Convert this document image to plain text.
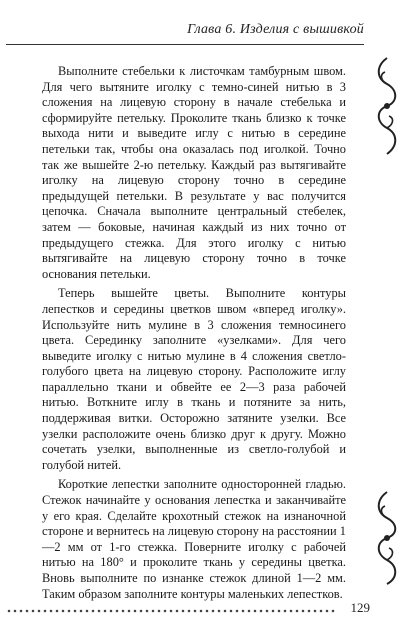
Глава 6. Изделия с вышивкой

Выполните стебельки к листочкам тамбурным швом. Для чего вытяните иголку с темно-синей нитью в 3 сложения на лицевую сторону в начале стебелька и сформируйте петельку. Проколите ткань близко к точке выхода нити и выведите иглу с нитью в середине петельки так, чтобы она оказалась под иголкой. Точно так же вышейте 2-ю петельку. Каждый раз вытягивайте иголку на лицевую сторону точно в середине предыдущей петельки. В результате у вас получится цепочка. Сначала выполните центральный стебелек, затем — боковые, начиная каждый из них точно от предыдущего стежка. Для этого иголку с нитью вытягивайте на лицевую сторону точно в точке основания петельки.

Теперь вышейте цветы. Выполните контуры лепестков и середины цветков швом «вперед иголку». Используйте нить мулине в 3 сложения темносинего цвета. Серединку заполните «узелками». Для чего выведите иголку с нитью мулине в 4 сложения светло-голубого цвета на лицевую сторону. Расположите иглу параллельно ткани и обвейте ее 2—3 раза рабочей нитью. Воткните иглу в ткань и потяните за нить, поддерживая витки. Осторожно затяните узелки. Все узелки расположите очень близко друг к другу. Можно сочетать узелки, выполненные из светло-голубой и голубой нитей.

Короткие лепестки заполните односторонней гладью. Стежок начинайте у основания лепестка и заканчивайте у его края. Сделайте крохотный стежок на изнаночной стороне и вернитесь на лицевую сторону на расстоянии 1—2 мм от 1-го стежка. Поверните иголку с рабочей нитью на 180° и проколите ткань у середины цветка. Вновь выполните по изнанке стежок длиной 1—2 мм. Таким образом заполните контуры маленьких лепестков.

129
